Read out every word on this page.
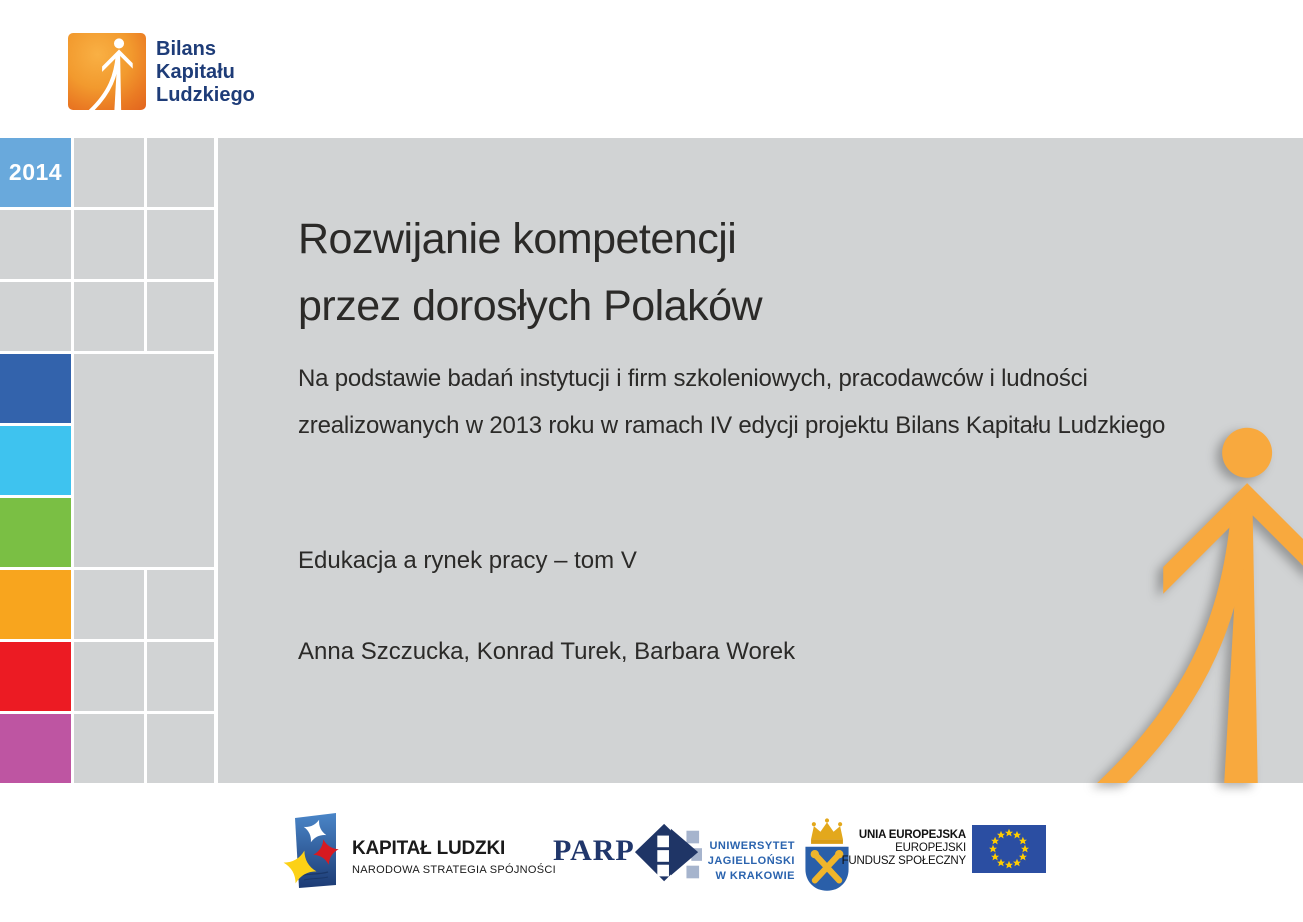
Bilans
Kapitału
Ludzkiego
2014
Rozwijanie kompetencji
przez dorosłych Polaków
Na podstawie badań instytucji i firm szkoleniowych, pracodawców i ludności
zrealizowanych w 2013 roku w ramach IV edycji projektu Bilans Kapitału Ludzkiego
Edukacja a rynek pracy – tom V
Anna Szczucka, Konrad Turek, Barbara Worek
KAPITAŁ LUDZKI
NARODOWA STRATEGIA SPÓJNOŚCI
PARP	UNIWERSYTET
JAGIELLOŃSKI
W KRAKOWIE
UNIA EUROPEJSKA
EUROPEJSKI
FUNDUSZ SPOŁECZNY
